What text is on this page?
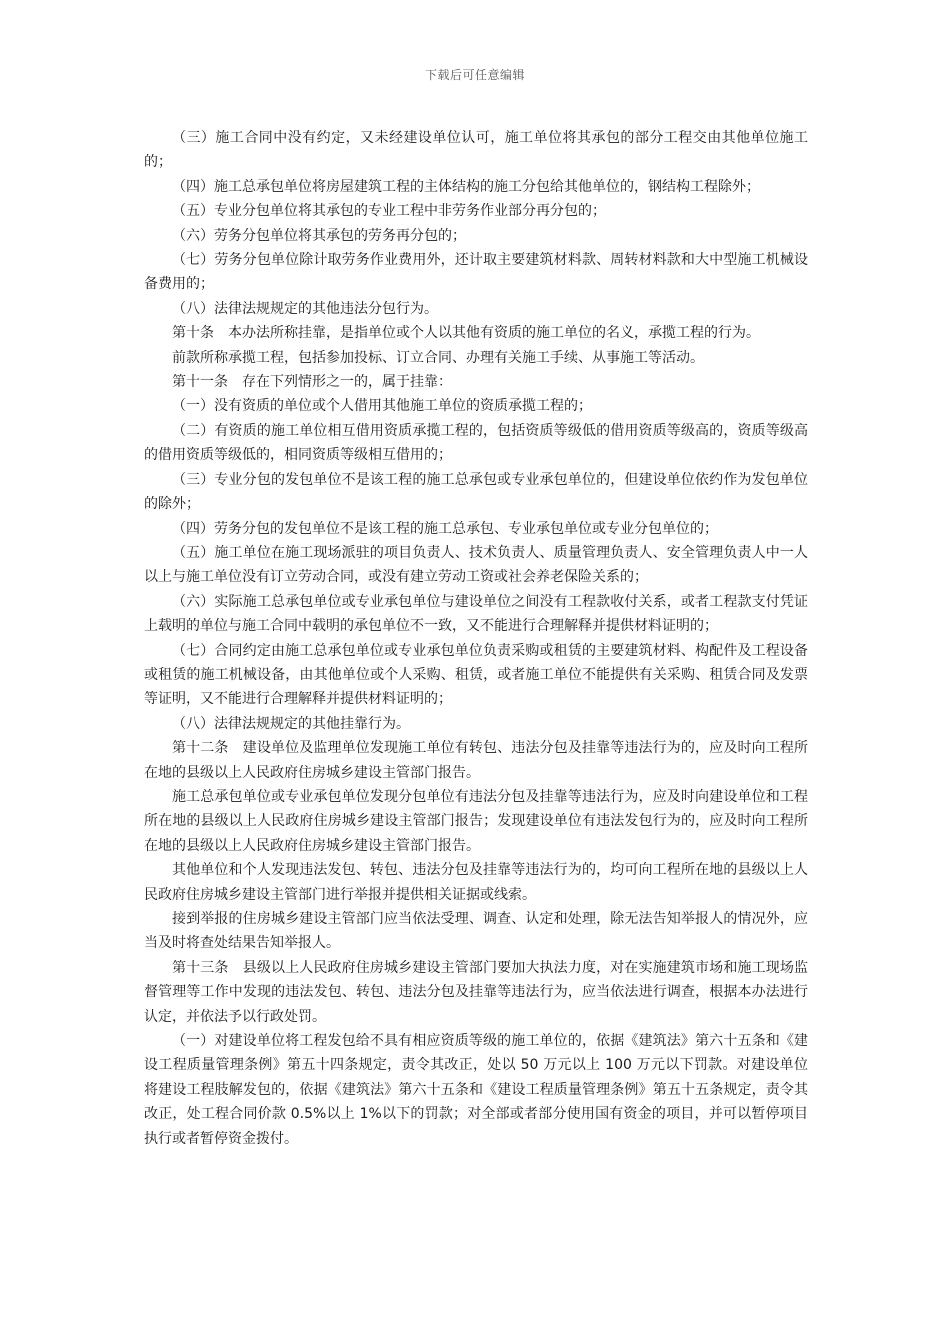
下载后可任意编辑

（三）施工合同中没有约定，又未经建设单位认可，施工单位将其承包的部分工程交由其他单位施工的；

（四）施工总承包单位将房屋建筑工程的主体结构的施工分包给其他单位的，钢结构工程除外；

（五）专业分包单位将其承包的专业工程中非劳务作业部分再分包的；

（六）劳务分包单位将其承包的劳务再分包的；

（七）劳务分包单位除计取劳务作业费用外，还计取主要建筑材料款、周转材料款和大中型施工机械设备费用的；

（八）法律法规规定的其他违法分包行为。

第十条　本办法所称挂靠，是指单位或个人以其他有资质的施工单位的名义，承揽工程的行为。

前款所称承揽工程，包括参加投标、订立合同、办理有关施工手续、从事施工等活动。

第十一条　存在下列情形之一的，属于挂靠：

（一）没有资质的单位或个人借用其他施工单位的资质承揽工程的；

（二）有资质的施工单位相互借用资质承揽工程的，包括资质等级低的借用资质等级高的，资质等级高的借用资质等级低的，相同资质等级相互借用的；

（三）专业分包的发包单位不是该工程的施工总承包或专业承包单位的，但建设单位依约作为发包单位的除外；

（四）劳务分包的发包单位不是该工程的施工总承包、专业承包单位或专业分包单位的；

（五）施工单位在施工现场派驻的项目负责人、技术负责人、质量管理负责人、安全管理负责人中一人以上与施工单位没有订立劳动合同，或没有建立劳动工资或社会养老保险关系的；

（六）实际施工总承包单位或专业承包单位与建设单位之间没有工程款收付关系，或者工程款支付凭证上载明的单位与施工合同中载明的承包单位不一致，又不能进行合理解释并提供材料证明的；

（七）合同约定由施工总承包单位或专业承包单位负责采购或租赁的主要建筑材料、构配件及工程设备或租赁的施工机械设备，由其他单位或个人采购、租赁，或者施工单位不能提供有关采购、租赁合同及发票等证明，又不能进行合理解释并提供材料证明的；

（八）法律法规规定的其他挂靠行为。

第十二条　建设单位及监理单位发现施工单位有转包、违法分包及挂靠等违法行为的，应及时向工程所在地的县级以上人民政府住房城乡建设主管部门报告。

施工总承包单位或专业承包单位发现分包单位有违法分包及挂靠等违法行为，应及时向建设单位和工程所在地的县级以上人民政府住房城乡建设主管部门报告；发现建设单位有违法发包行为的，应及时向工程所在地的县级以上人民政府住房城乡建设主管部门报告。

其他单位和个人发现违法发包、转包、违法分包及挂靠等违法行为的，均可向工程所在地的县级以上人民政府住房城乡建设主管部门进行举报并提供相关证据或线索。

接到举报的住房城乡建设主管部门应当依法受理、调查、认定和处理，除无法告知举报人的情况外，应当及时将查处结果告知举报人。

第十三条　县级以上人民政府住房城乡建设主管部门要加大执法力度，对在实施建筑市场和施工现场监督管理等工作中发现的违法发包、转包、违法分包及挂靠等违法行为，应当依法进行调查，根据本办法进行认定，并依法予以行政处罚。

（一）对建设单位将工程发包给不具有相应资质等级的施工单位的，依据《建筑法》第六十五条和《建设工程质量管理条例》第五十四条规定，责令其改正，处以 50 万元以上 100 万元以下罚款。对建设单位将建设工程肢解发包的，依据《建筑法》第六十五条和《建设工程质量管理条例》第五十五条规定，责令其改正，处工程合同价款 0.5%以上 1%以下的罚款；对全部或者部分使用国有资金的项目，并可以暂停项目执行或者暂停资金拨付。
